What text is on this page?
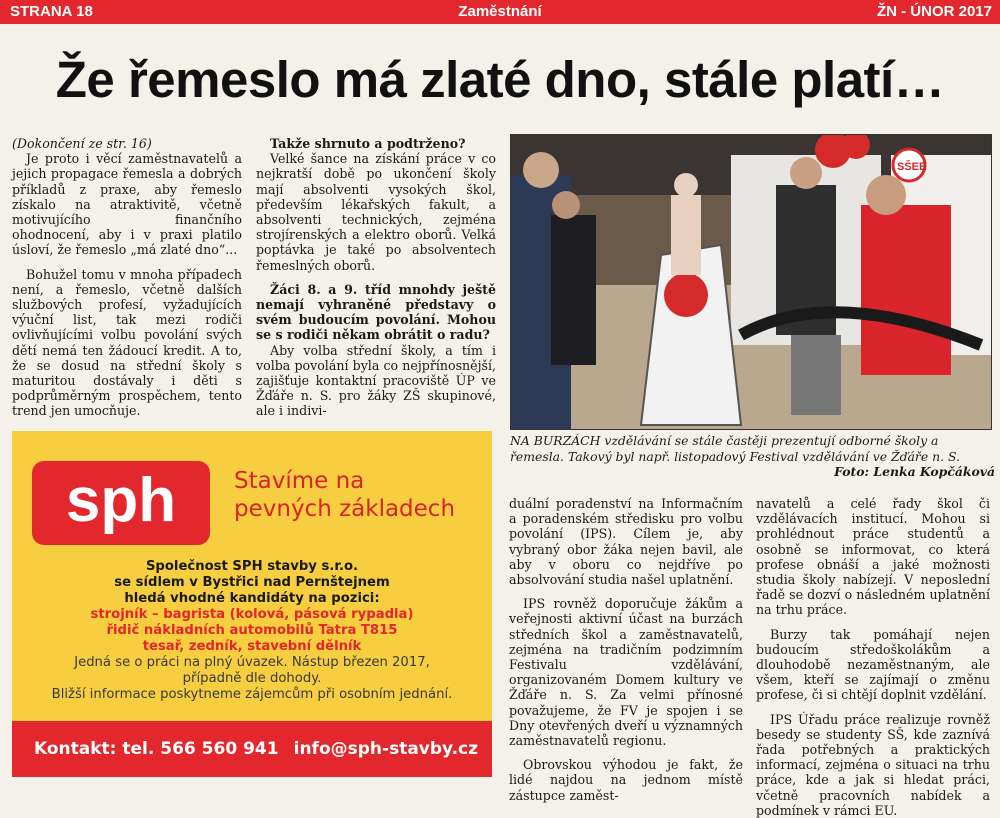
STRANA 18	Zaměstnání	ŽN - ÚNOR 2017
Že řemeslo má zlaté dno, stále platí…

(Dokončení ze str. 16)

Je proto i věcí zaměstnavatelů a jejich propagace řemesla a dobrých příkladů z praxe, aby řemeslo získalo na atraktivitě, včetně motivujícího finančního ohodnocení, aby i v praxi platilo úsloví, že řemeslo „má zlaté dno“...

Bohužel tomu v mnoha případech není, a řemeslo, včetně dalších službových profesí, vyžadujících výuční list, tak mezi rodiči ovlivňujícími volbu povolání svých dětí nemá ten žádoucí kredit. A to, že se dosud na střední školy s maturitou dostávaly i děti s podprůměrným prospěchem, tento trend jen umocňuje.

Takže shrnuto a podtrženo?

Velké šance na získání práce v co nejkratší době po ukončení školy mají absolventi vysokých škol, především lékařských fakult, a absolventi technických, zejména strojírenských a elektro oborů. Velká poptávka je také po absolventech řemeslných oborů.

Žáci 8. a 9. tříd mnohdy ještě nemají vyhraněné představy o svém budoucím povolání. Mohou se s rodiči někam obrátit o radu?

Aby volba střední školy, a tím i volba povolání byla co nejpřínosnější, zajišťuje kontaktní pracoviště ÚP ve Žďáře n. S. pro žáky ZŠ skupinové, ale i indivi-

SŠEE
NA BURZÁCH vzdělávání se stále častěji prezentují odborné školy a řemesla. Takový byl např. listopadový Festival vzdělávání ve Žďáře n. S.
Foto: Lenka Kopčáková

duální poradenství na Informačním a poradenském středisku pro volbu povolání (IPS). Cílem je, aby vybraný obor žáka nejen bavil, ale aby v oboru co nejdříve po absolvování studia našel uplatnění.

IPS rovněž doporučuje žákům a veřejnosti aktivní účast na burzách středních škol a zaměstnavatelů, zejména na tradičním podzimním Festivalu vzdělávání, organizovaném Domem kultury ve Žďáře n. S. Za velmi přínosné považujeme, že FV je spojen i se Dny otevřených dveří u významných zaměstnavatelů regionu.

Obrovskou výhodou je fakt, že lidé najdou na jednom místě zástupce zaměst-

navatelů a celé řady škol či vzdělávacích institucí. Mohou si prohlédnout práce studentů a osobně se informovat, co která profese obnáší a jaké možnosti studia školy nabízejí. V neposlední řadě se dozví o následném uplatnění na trhu práce.

Burzy tak pomáhají nejen budoucím středoškolákům a dlouhodobě nezaměstnaným, ale všem, kteří se zajímají o změnu profese, či si chtějí doplnit vzdělání.

IPS Úřadu práce realizuje rovněž besedy se studenty SŠ, kde zaznívá řada potřebných a praktických informací, zejména o situaci na trhu práce, kde a jak si hledat práci, včetně pracovních nabídek a podmínek v rámci EU.

sph	Stavíme na
pevných základech
Společnost SPH stavby s.r.o.
se sídlem v Bystřici nad Pernštejnem
hledá vhodné kandidáty na pozici:
strojník – bagrista (kolová, pásová rypadla)
řidič nákladních automobilů Tatra T815
tesař, zedník, stavební dělník
Jedná se o práci na plný úvazek. Nástup březen 2017,
případně dle dohody.
Bližší informace poskytneme zájemcům při osobním jednání.
Kontakt: tel. 566 560 941 info@sph-stavby.cz
